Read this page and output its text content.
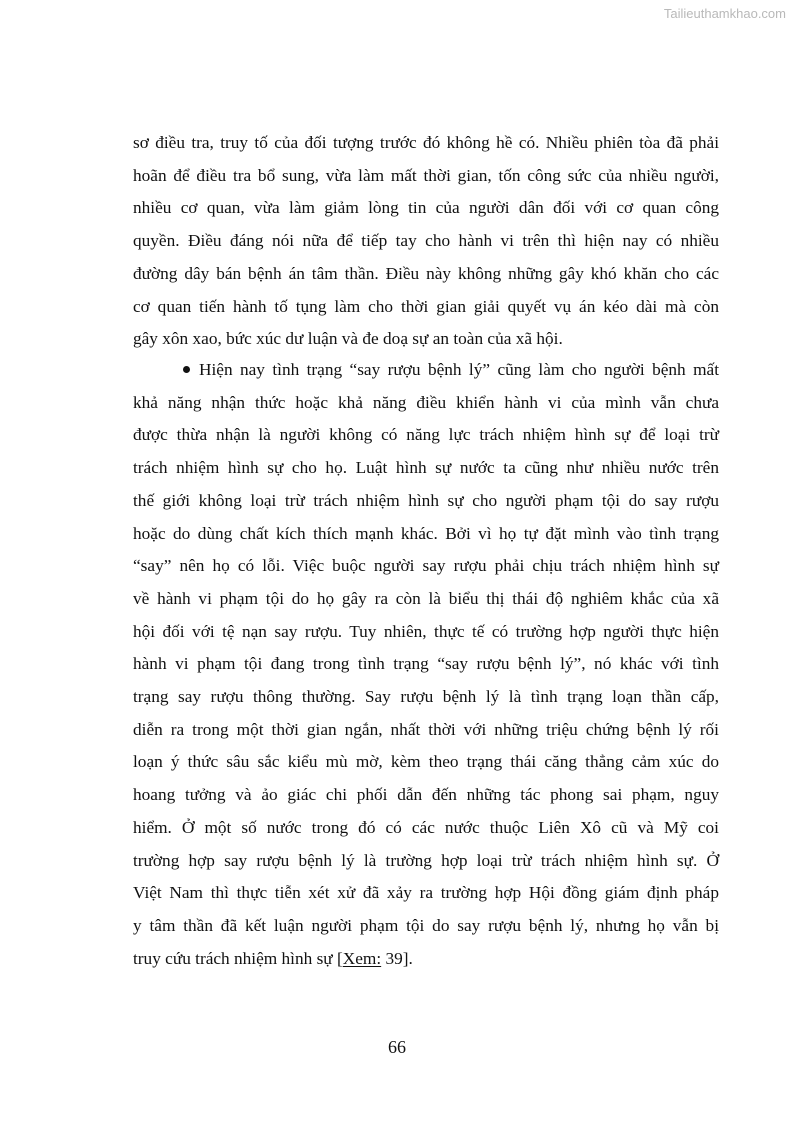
Tailieuthamkhao.com
sơ điều tra, truy tố của đối tượng trước đó không hề có. Nhiều phiên tòa đã phải
hoãn để điều tra bổ sung, vừa làm mất thời gian, tốn công sức của nhiều người,
nhiều cơ quan, vừa làm giảm lòng tin của người dân đối với cơ quan công
quyền. Điều đáng nói nữa để tiếp tay cho hành vi trên thì hiện nay có nhiều
đường dây bán bệnh án tâm thần. Điều này không những gây khó khăn cho các
cơ quan tiến hành tố tụng làm cho thời gian giải quyết vụ án kéo dài mà còn
gây xôn xao, bức xúc dư luận và đe doạ sự an toàn của xã hội.
Hiện nay tình trạng “say rượu bệnh lý” cũng làm cho người bệnh mất
khả năng nhận thức hoặc khả năng điều khiển hành vi của mình vẫn chưa
được thừa nhận là người không có năng lực trách nhiệm hình sự để loại trừ
trách nhiệm hình sự cho họ. Luật hình sự nước ta cũng như nhiều nước trên
thế giới không loại trừ trách nhiệm hình sự cho người phạm tội do say rượu
hoặc do dùng chất kích thích mạnh khác. Bởi vì họ tự đặt mình vào tình trạng
“say” nên họ có lỗi. Việc buộc người say rượu phải chịu trách nhiệm hình sự
về hành vi phạm tội do họ gây ra còn là biểu thị thái độ nghiêm khắc của xã
hội đối với tệ nạn say rượu. Tuy nhiên, thực tế có trường hợp người thực hiện
hành vi phạm tội đang trong tình trạng “say rượu bệnh lý”, nó khác với tình
trạng say rượu thông thường. Say rượu bệnh lý là tình trạng loạn thần cấp,
diễn ra trong một thời gian ngắn, nhất thời với những triệu chứng bệnh lý rối
loạn ý thức sâu sắc kiểu mù mờ, kèm theo trạng thái căng thẳng cảm xúc do
hoang tưởng và ảo giác chi phối dẫn đến những tác phong sai phạm, nguy
hiểm. Ở một số nước trong đó có các nước thuộc Liên Xô cũ và Mỹ coi
trường hợp say rượu bệnh lý là trường hợp loại trừ trách nhiệm hình sự. Ở
Việt Nam thì thực tiễn xét xử đã xảy ra trường hợp Hội đồng giám định pháp
y tâm thần đã kết luận người phạm tội do say rượu bệnh lý, nhưng họ vẫn bị
truy cứu trách nhiệm hình sự [Xem: 39].
66
